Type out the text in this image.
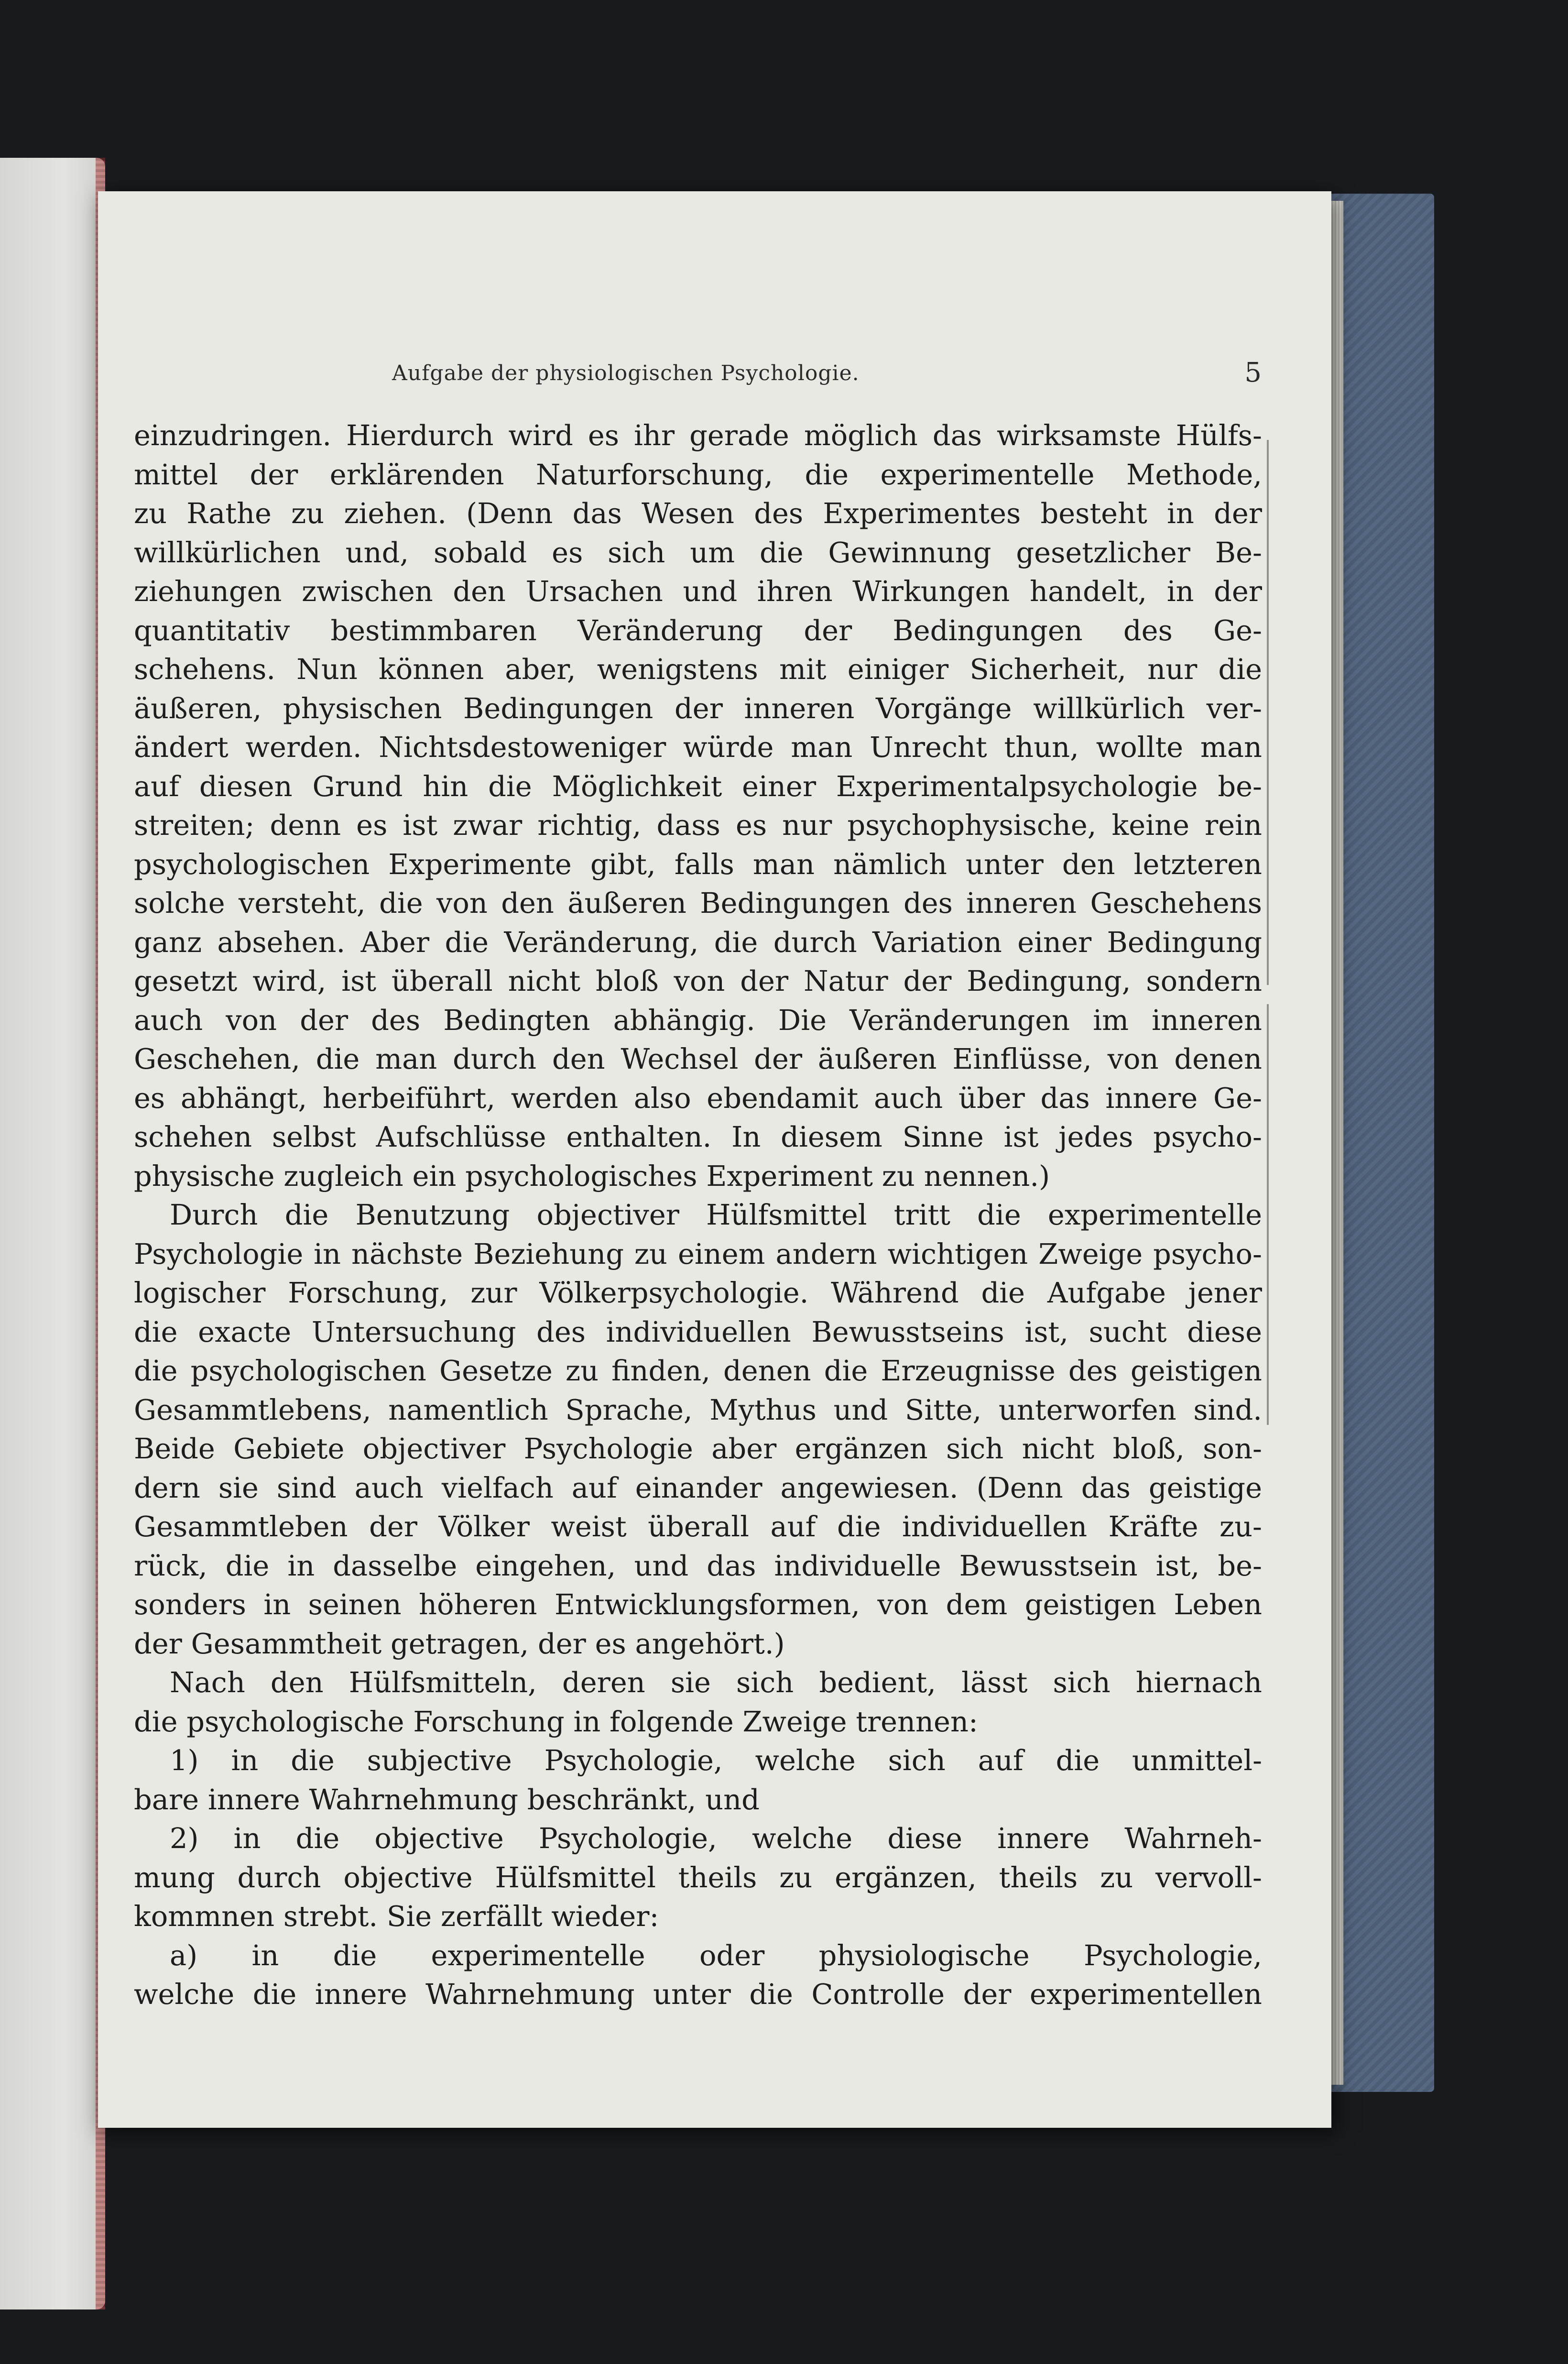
Aufgabe der physiologischen Psychologie.	5
einzudringen. Hierdurch wird es ihr gerade möglich das wirksamste Hülfs-
mittel der erklärenden Naturforschung, die experimentelle Methode,
zu Rathe zu ziehen. (Denn das Wesen des Experimentes besteht in der
willkürlichen und, sobald es sich um die Gewinnung gesetzlicher Be-
ziehungen zwischen den Ursachen und ihren Wirkungen handelt, in der
quantitativ bestimmbaren Veränderung der Bedingungen des Ge-
schehens. Nun können aber, wenigstens mit einiger Sicherheit, nur die
äußeren, physischen Bedingungen der inneren Vorgänge willkürlich ver-
ändert werden. Nichtsdestoweniger würde man Unrecht thun, wollte man
auf diesen Grund hin die Möglichkeit einer Experimentalpsychologie be-
streiten; denn es ist zwar richtig, dass es nur psychophysische, keine rein
psychologischen Experimente gibt, falls man nämlich unter den letzteren
solche versteht, die von den äußeren Bedingungen des inneren Geschehens
ganz absehen. Aber die Veränderung, die durch Variation einer Bedingung
gesetzt wird, ist überall nicht bloß von der Natur der Bedingung, sondern
auch von der des Bedingten abhängig. Die Veränderungen im inneren
Geschehen, die man durch den Wechsel der äußeren Einflüsse, von denen
es abhängt, herbeiführt, werden also ebendamit auch über das innere Ge-
schehen selbst Aufschlüsse enthalten. In diesem Sinne ist jedes psycho-
physische zugleich ein psychologisches Experiment zu nennen.)
Durch die Benutzung objectiver Hülfsmittel tritt die experimentelle
Psychologie in nächste Beziehung zu einem andern wichtigen Zweige psycho-
logischer Forschung, zur Völkerpsychologie. Während die Aufgabe jener
die exacte Untersuchung des individuellen Bewusstseins ist, sucht diese
die psychologischen Gesetze zu finden, denen die Erzeugnisse des geistigen
Gesammtlebens, namentlich Sprache, Mythus und Sitte, unterworfen sind.
Beide Gebiete objectiver Psychologie aber ergänzen sich nicht bloß, son-
dern sie sind auch vielfach auf einander angewiesen. (Denn das geistige
Gesammtleben der Völker weist überall auf die individuellen Kräfte zu-
rück, die in dasselbe eingehen, und das individuelle Bewusstsein ist, be-
sonders in seinen höheren Entwicklungsformen, von dem geistigen Leben
der Gesammtheit getragen, der es angehört.)
Nach den Hülfsmitteln, deren sie sich bedient, lässt sich hiernach
die psychologische Forschung in folgende Zweige trennen:
1) in die subjective Psychologie, welche sich auf die unmittel-
bare innere Wahrnehmung beschränkt, und
2) in die objective Psychologie, welche diese innere Wahrneh-
mung durch objective Hülfsmittel theils zu ergänzen, theils zu vervoll-
kommnen strebt. Sie zerfällt wieder:
a) in die experimentelle oder physiologische Psychologie,
welche die innere Wahrnehmung unter die Controlle der experimentellen
